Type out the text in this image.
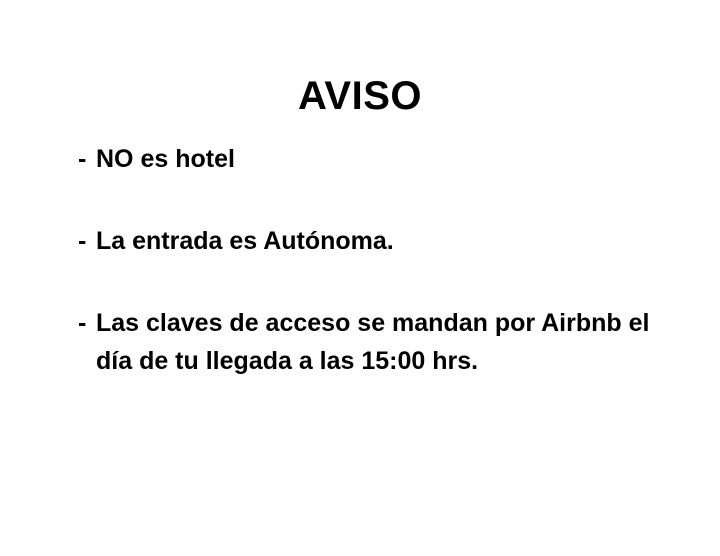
AVISO
- NO es hotel
- La entrada es Autónoma.
- Las claves de acceso se mandan por Airbnb el día de tu llegada a las 15:00 hrs.
